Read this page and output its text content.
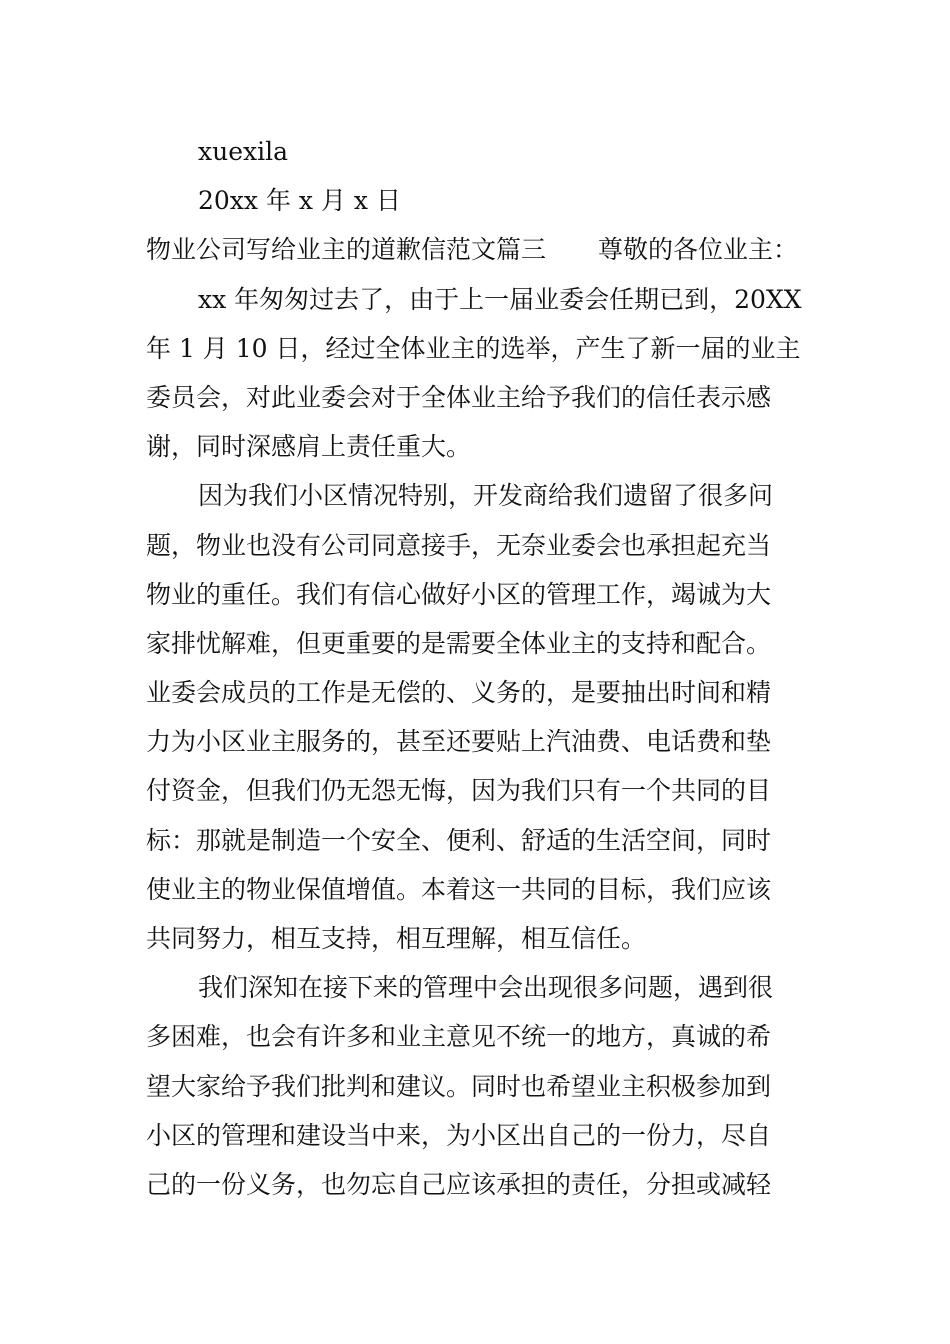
xuexila
20xx 年 x 月 x 日
物业公司写给业主的道歉信范文篇三 尊敬的各位业主：
xx 年匆匆过去了，由于上一届业委会任期已到，20XX
年 1 月 10 日，经过全体业主的选举，产生了新一届的业主
委员会，对此业委会对于全体业主给予我们的信任表示感
谢，同时深感肩上责任重大。
因为我们小区情况特别，开发商给我们遗留了很多问
题，物业也没有公司同意接手，无奈业委会也承担起充当
物业的重任。我们有信心做好小区的管理工作，竭诚为大
家排忧解难，但更重要的是需要全体业主的支持和配合。
业委会成员的工作是无偿的、义务的，是要抽出时间和精
力为小区业主服务的，甚至还要贴上汽油费、电话费和垫
付资金，但我们仍无怨无悔，因为我们只有一个共同的目
标：那就是制造一个安全、便利、舒适的生活空间，同时
使业主的物业保值增值。本着这一共同的目标，我们应该
共同努力，相互支持，相互理解，相互信任。
我们深知在接下来的管理中会出现很多问题，遇到很
多困难，也会有许多和业主意见不统一的地方，真诚的希
望大家给予我们批判和建议。同时也希望业主积极参加到
小区的管理和建设当中来，为小区出自己的一份力，尽自
己的一份义务，也勿忘自己应该承担的责任，分担或减轻
